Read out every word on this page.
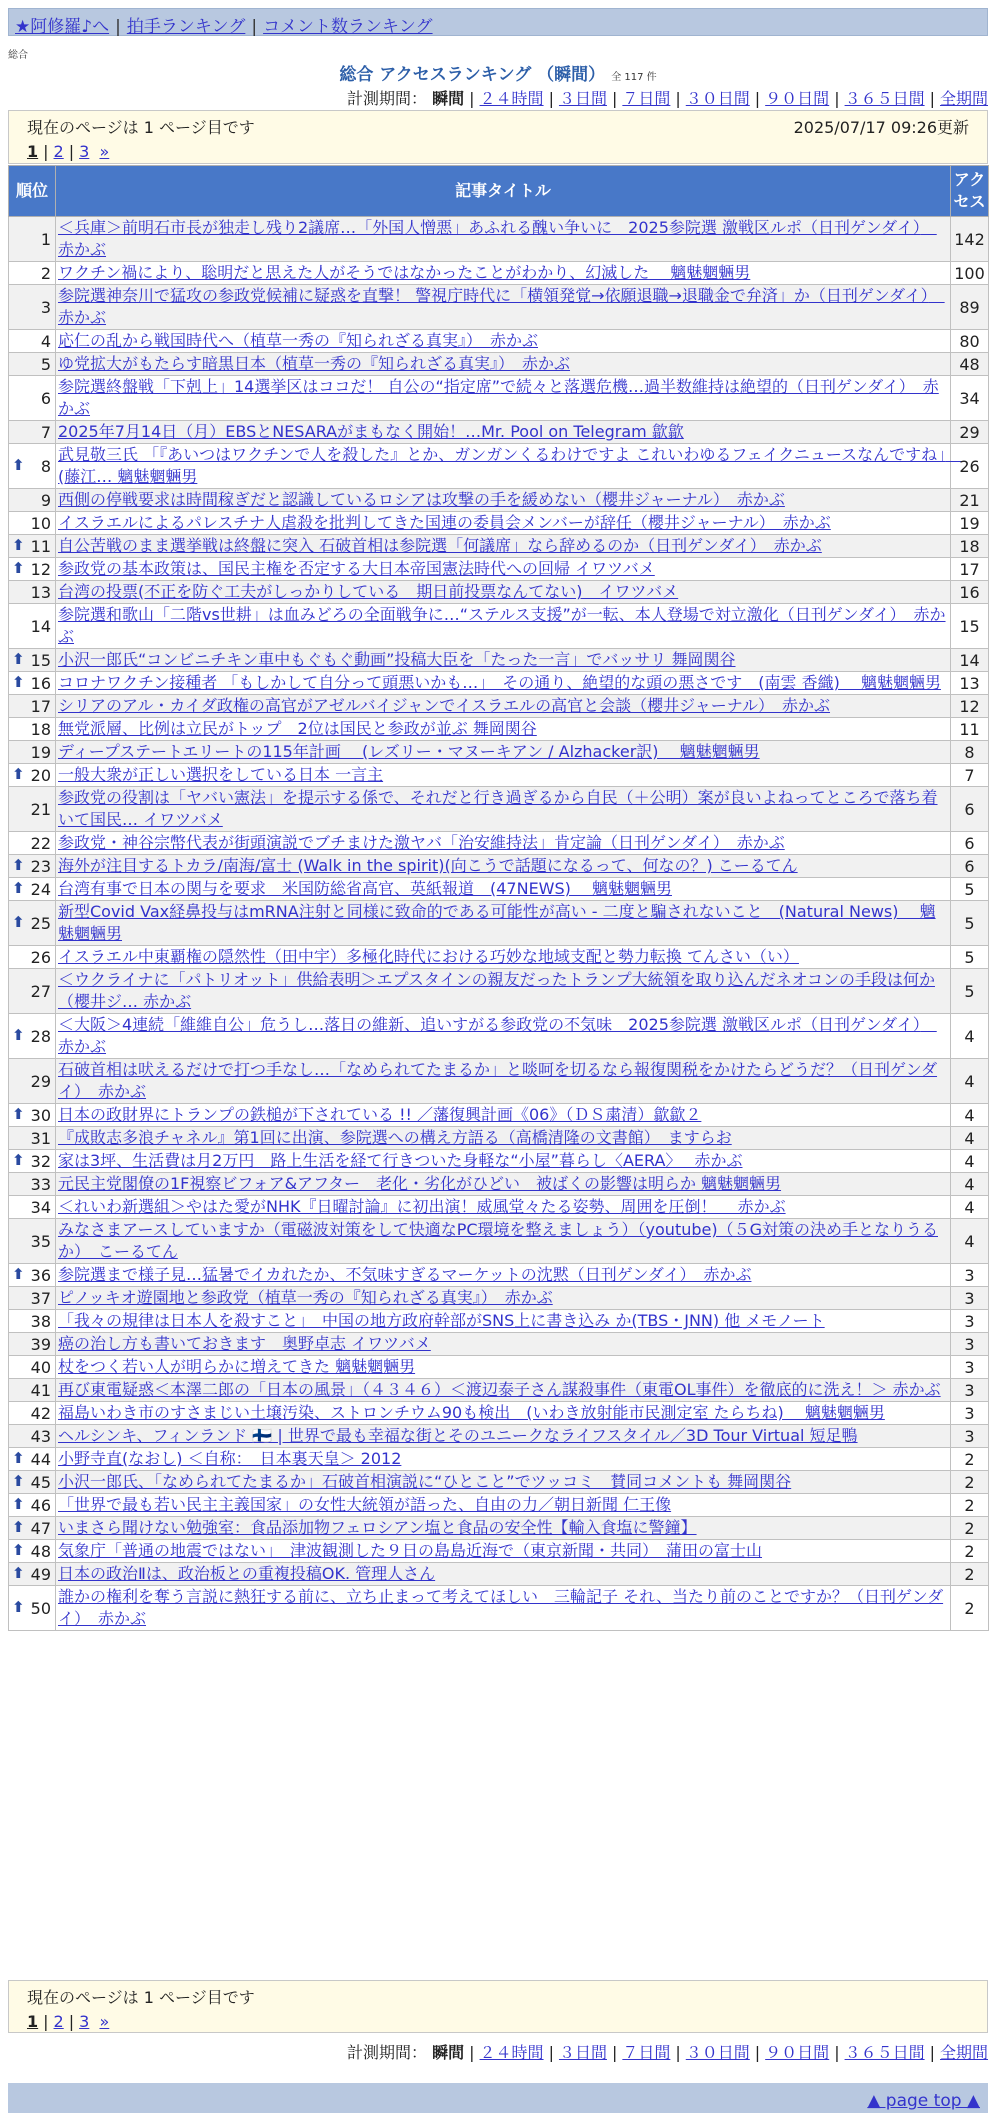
★阿修羅♪へ | 拍手ランキング | コメント数ランキング
総合
総合 アクセスランキング （瞬間） 全 117 件
計測期間： 瞬間 | ２４時間 | ３日間 | ７日間 | ３０日間 | ９０日間 | ３６５日間 | 全期間
現在のページは 1 ページ目です	2025/07/17 09:26更新
1 | 2 | 3 »
順位	記事タイトル	アクセス
1	＜兵庫＞前明石市長が独走し残り2議席…「外国人憎悪」あふれる醜い争いに　2025参院選 激戦区ルポ（日刊ゲンダイ）　赤かぶ	142
2	ワクチン禍により、聡明だと思えた人がそうではなかったことがわかり、幻滅した　 魑魅魍魎男	100
3	参院選神奈川で猛攻の参政党候補に疑惑を直撃！ 警視庁時代に「横領発覚→依願退職→退職金で弁済」か（日刊ゲンダイ）　赤かぶ	89
4	応仁の乱から戦国時代へ（植草一秀の『知られざる真実』）　赤かぶ	80
5	ゆ党拡大がもたらす暗黒日本（植草一秀の『知られざる真実』）　赤かぶ	48
6	参院選終盤戦「下剋上」14選挙区はココだ！ 自公の“指定席”で続々と落選危機…過半数維持は絶望的（日刊ゲンダイ）　赤かぶ	34
7	2025年7月14日（月）EBSとNESARAがまもなく開始！…Mr. Pool on Telegram 歙歙	29

⬆ 8	武見敬三氏 「『あいつはワクチンで人を殺した』とか、ガンガンくるわけですよ これいわゆるフェイクニュースなんですね」　(藤江… 魑魅魍魎男	26
9	西側の停戦要求は時間稼ぎだと認識しているロシアは攻撃の手を緩めない（櫻井ジャーナル）　赤かぶ	21
10	イスラエルによるパレスチナ人虐殺を批判してきた国連の委員会メンバーが辞任（櫻井ジャーナル）　赤かぶ	19

⬆ 11	自公苦戦のまま選挙戦は終盤に突入 石破首相は参院選「何議席」なら辞めるのか（日刊ゲンダイ）　赤かぶ	18

⬆ 12	参政党の基本政策は、国民主権を否定する大日本帝国憲法時代への回帰 イワツバメ	17
13	台湾の投票(不正を防ぐ工夫がしっかりしている　期日前投票なんてない)　イワツバメ	16
14	参院選和歌山「二階vs世耕」は血みどろの全面戦争に…“ステルス支援”が一転、本人登場で対立激化（日刊ゲンダイ）　赤かぶ	15

⬆ 15	小沢一郎氏“コンビニチキン車中もぐもぐ動画”投稿大臣を「たった一言」でバッサリ 舞岡関谷	14

⬆ 16	コロナワクチン接種者 「もしかして自分って頭悪いかも…」　その通り、絶望的な頭の悪さです　(南雲 香織)　 魑魅魍魎男	13
17	シリアのアル・カイダ政権の高官がアゼルバイジャンでイスラエルの高官と会談（櫻井ジャーナル）　赤かぶ	12
18	無党派層、比例は立民がトップ　2位は国民と参政が並ぶ 舞岡関谷	11
19	ディープステートエリートの115年計画　 (レズリー・マヌーキアン / Alzhacker訳)　 魑魅魍魎男	8

⬆ 20	一般大衆が正しい選択をしている日本 一言主	7
21	参政党の役割は「ヤバい憲法」を提示する係で、それだと行き過ぎるから自民（＋公明）案が良いよねってところで落ち着いて国民… イワツバメ	6
22	参政党・神谷宗幣代表が街頭演説でブチまけた激ヤバ「治安維持法」肯定論（日刊ゲンダイ）　赤かぶ	6

⬆ 23	海外が注目するトカラ/南海/富士 (Walk in the spirit)(向こうで話題になるって、何なの？) こーるてん	6

⬆ 24	台湾有事で日本の関与を要求　米国防総省高官、英紙報道　(47NEWS)　 魑魅魍魎男	5

⬆ 25	新型Covid Vax経鼻投与はmRNA注射と同様に致命的である可能性が高い - 二度と騙されないこと　(Natural News)　 魑魅魍魎男	5
26	イスラエル中東覇権の隠然性（田中宇）多極化時代における巧妙な地域支配と勢力転換 てんさい（い）	5
27	＜ウクライナに「パトリオット」供給表明＞エプスタインの親友だったトランプ大統領を取り込んだネオコンの手段は何か（櫻井ジ… 赤かぶ	5

⬆ 28	＜大阪＞4連続「維維自公」危うし…落日の維新、追いすがる参政党の不気味　2025参院選 激戦区ルポ（日刊ゲンダイ）　赤かぶ	4
29	石破首相は吠えるだけで打つ手なし…「なめられてたまるか」と啖呵を切るなら報復関税をかけたらどうだ？（日刊ゲンダイ）　赤かぶ	4

⬆ 30	日本の政財界にトランプの鉄槌が下されている !! ／藩復興計画《06》（ＤＳ粛清）歙歙２	4
31	『成敗志多浪チャネル』第1回に出演、参院選への構え方語る（高橋清隆の文書館）　ますらお	4

⬆ 32	家は3坪、生活費は月2万円　路上生活を経て行きついた身軽な“小屋”暮らし〈AERA〉　 赤かぶ	4
33	元民主党閣僚の1F視察ビフォア&アフター　老化・劣化がひどい　被ばくの影響は明らか 魑魅魍魎男	4
34	＜れいわ新選組＞やはた愛がNHK『日曜討論』に初出演！威風堂々たる姿勢、周囲を圧倒！　 赤かぶ	4
35	みなさまアースしていますか（電磁波対策をして快適なPC環境を整えましょう）（youtube)（５G対策の決め手となりうるか）　こーるてん	4

⬆ 36	参院選まで様子見…猛暑でイカれたか、不気味すぎるマーケットの沈黙（日刊ゲンダイ）　赤かぶ	3
37	ピノッキオ遊園地と参政党（植草一秀の『知られざる真実』）　赤かぶ	3
38	「我々の規律は日本人を殺すこと」　中国の地方政府幹部がSNS上に書き込み か(TBS・JNN) 他 メモノート	3
39	癌の治し方も書いておきます　奥野卓志 イワツバメ	3
40	杖をつく若い人が明らかに増えてきた 魑魅魍魎男	3
41	再び東電疑惑＜本澤二郎の「日本の風景」（４３４６）＜渡辺泰子さん謀殺事件（東電OL事件）を徹底的に洗え！＞ 赤かぶ	3
42	福島いわき市のすさまじい土壌汚染、ストロンチウム90も検出　(いわき放射能市民測定室 たらちね)　 魑魅魍魎男	3
43	ヘルシンキ、フィンランド 🇫🇮 | 世界で最も幸福な街とそのユニークなライフスタイル／3D Tour Virtual 短足鴨	3

⬆ 44	小野寺直(なおし) ＜自称：　日本裏天皇＞ 2012	2

⬆ 45	小沢一郎氏、「なめられてたまるか」石破首相演説に“ひとこと”でツッコミ　賛同コメントも 舞岡関谷	2

⬆ 46	「世界で最も若い民主主義国家」の女性大統領が語った、自由の力／朝日新聞 仁王像	2

⬆ 47	いまさら聞けない勉強室：食品添加物フェロシアン塩と食品の安全性【輸入食塩に警鐘】	2

⬆ 48	気象庁「普通の地震ではない」　津波観測した９日の島島近海で（東京新聞・共同）　蒲田の富士山	2

⬆ 49	日本の政治Ⅱは、政治板との重複投稿OK. 管理人さん	2

⬆ 50	誰かの権利を奪う言説に熱狂する前に、立ち止まって考えてほしい　三輪記子 それ、当たり前のことですか？（日刊ゲンダイ）　赤かぶ	2
現在のページは 1 ページ目です
1 | 2 | 3 »
計測期間： 瞬間 | ２４時間 | ３日間 | ７日間 | ３０日間 | ９０日間 | ３６５日間 | 全期間
▲ page top ▲
